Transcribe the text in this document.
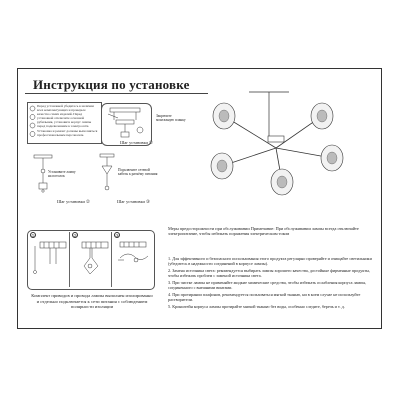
Инструкция по установке
Перед установкой убедитесь в наличии всех комплектующих и проверьте качество самих изделий. Перед установкой отключите основной рубильник, установите корпус лампы перед подключением к электросети. Установка и ремонт должны выполняться профессиональным персоналом.
Закрепите монтажную планку
Шаг установки ①
Установите лампу на потолок
Подключите сетевой кабель к разъёму питания
Шаг установки ②	Шаг установки ③
Меры предосторожности при обслуживании Примечание: При обслуживании лампы всегда отключайте электропитание, чтобы избежать поражения электрическим током
①	②	③
Комплект приводов и провода лампы выполнен изолированно и отдельно подключается к сети питания с соблюдением полярности изоляции
1. Для эффективного и безопасного использования этого продукта регулярно проверяйте и очищайте светильники (убедитесь в надежности соединений в корпусе лампы).
2. Замена источника света: рекомендуется выбирать лампы хорошего качества, достойные фирменные продукты, чтобы избежать проблем с заменой источника света.
3. При чистке лампы не применяйте жидкие химические средства, чтобы избежать ослабления корпуса лампы, соединенного с внешними винтами.
4. При протирании плафонов, рекомендуется пользоваться мягкой тканью, ни в коем случае не используйте растворители.
5. Кронштейн корпуса лампы протирайте мягкой тканью без воды, особенно следите, беречь и т. д.
